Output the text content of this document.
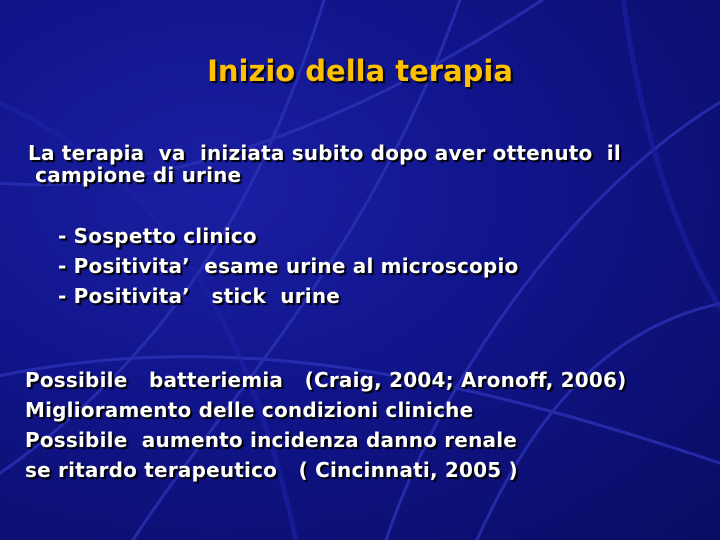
Inizio della terapia
La terapia  va  iniziata subito dopo aver ottenuto  il
campione di urine
- Sospetto clinico
- Positivita’  esame urine al microscopio
- Positivita’   stick  urine
Possibile   batteriemia   (Craig, 2004; Aronoff, 2006)
Miglioramento delle condizioni cliniche
Possibile  aumento incidenza danno renale
se ritardo terapeutico   ( Cincinnati, 2005 )
